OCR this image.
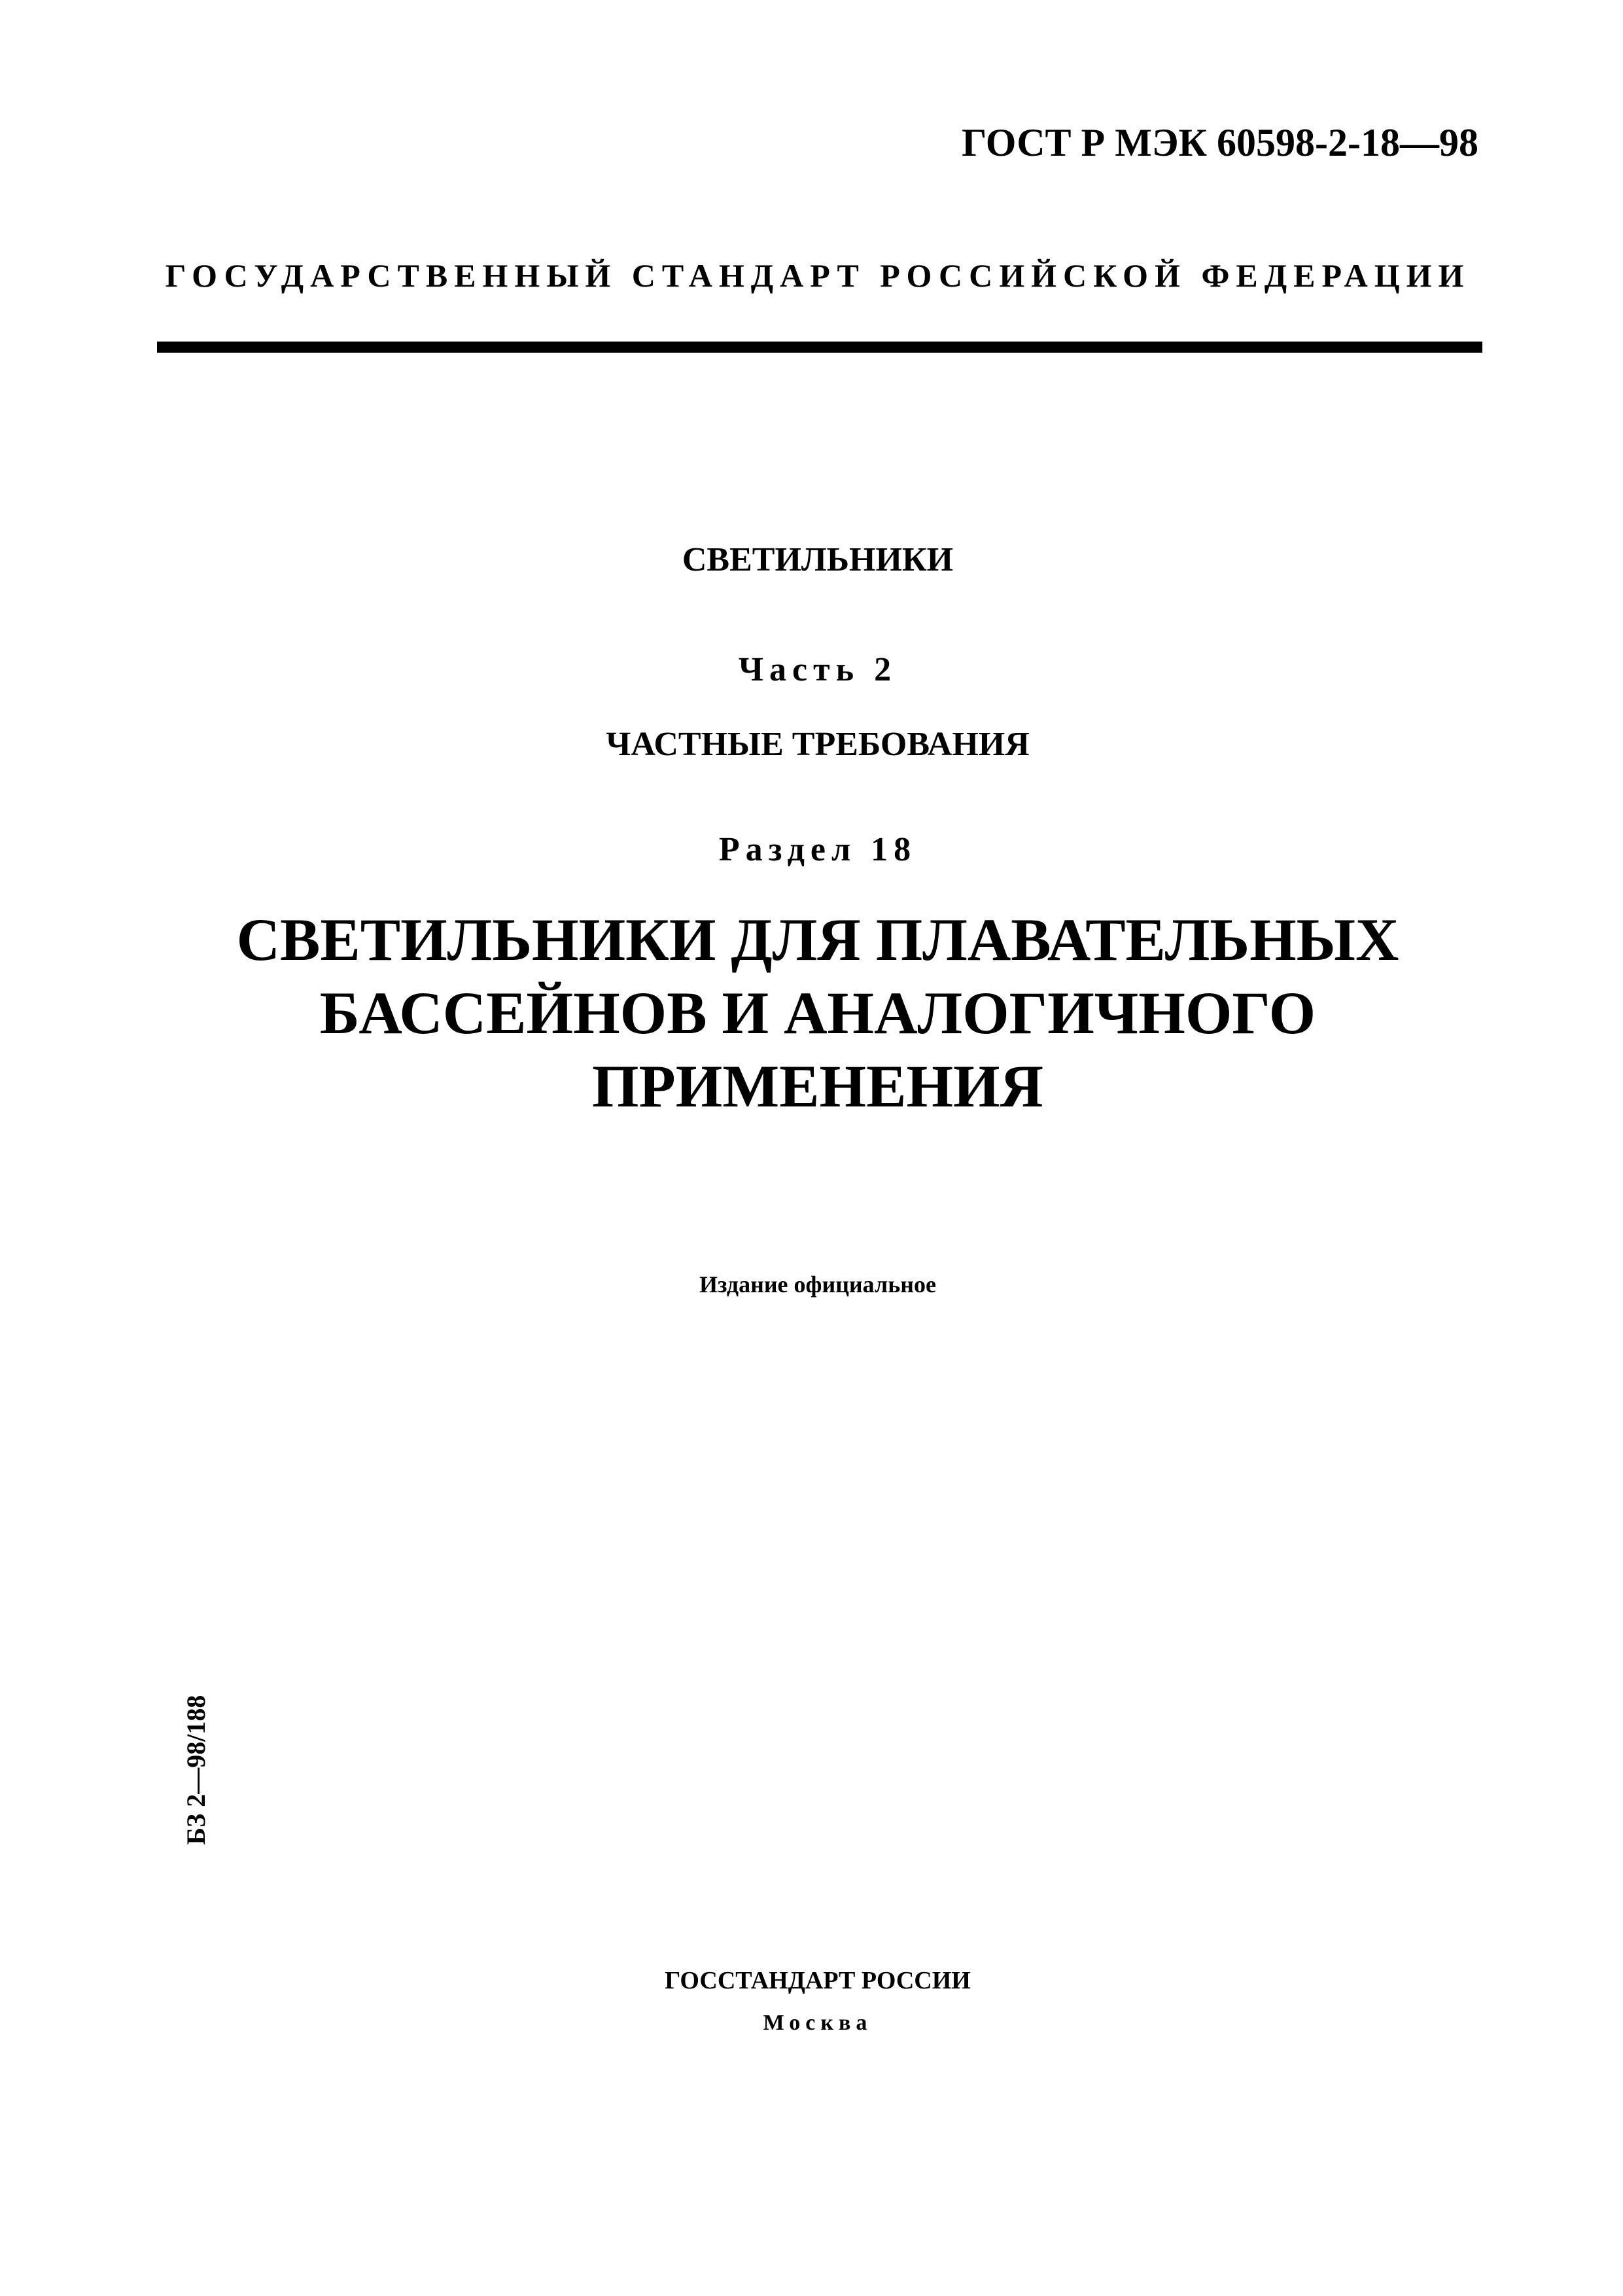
ГОСТ Р МЭК 60598-2-18—98
ГОСУДАРСТВЕННЫЙ СТАНДАРТ РОССИЙСКОЙ ФЕДЕРАЦИИ
СВЕТИЛЬНИКИ
Часть 2
ЧАСТНЫЕ ТРЕБОВАНИЯ
Раздел 18
СВЕТИЛЬНИКИ ДЛЯ ПЛАВАТЕЛЬНЫХ
БАССЕЙНОВ И АНАЛОГИЧНОГО
ПРИМЕНЕНИЯ
Издание официальное
БЗ 2—98/188
ГОССТАНДАРТ РОССИИ
Москва
